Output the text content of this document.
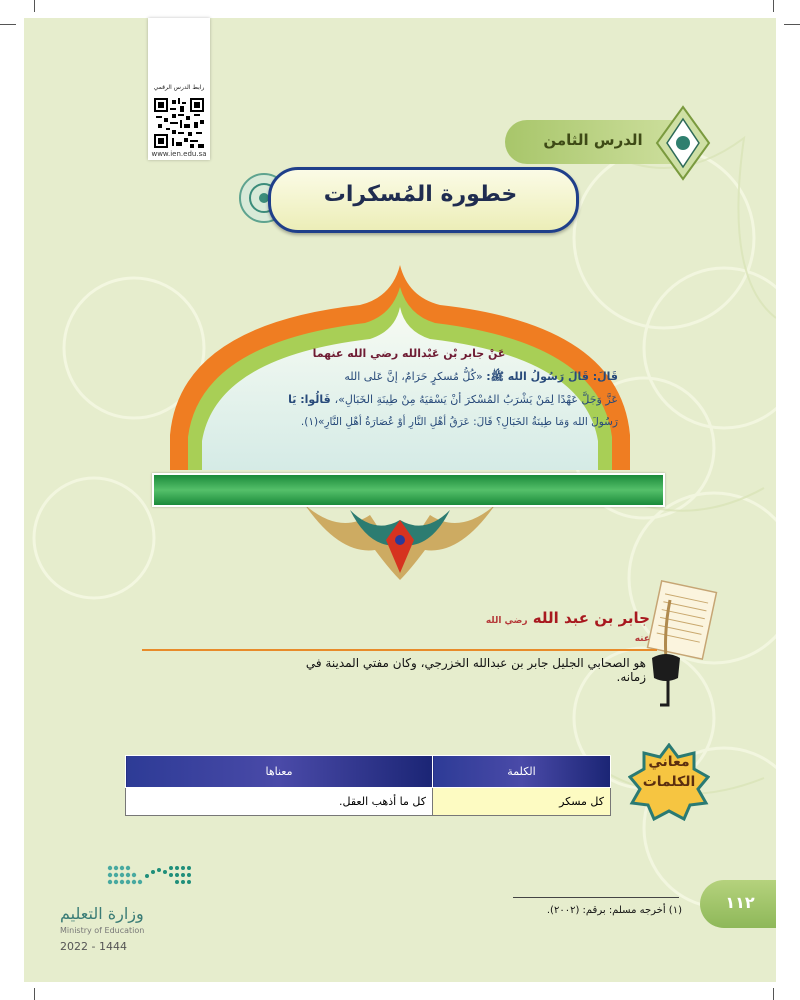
رابط الدرس الرقمي
www.ien.edu.sa
الدرس الثامن
خطورة المُسكرات
عَنْ جابر بْن عَبْدالله رضي الله عنهما
قَالَ: قَالَ رَسُولُ الله ﷺ: «كُلُّ مُسكرٍ حَرَامٌ، إنَّ عَلى الله
عَزَّ وَجَلَّ عَهْدًا لِمَنْ يَشْرَبُ المُسْكرَ أنْ يَسْقيَهُ مِنْ طِينَةِ الخَبَالِ»، قَالُوا: يَا
رَسُولَ الله وَمَا طِينَةُ الخَبَالِ؟ قَالَ: عَرَقُ أهْلِ النَّارِ أوْ عُصَارَةُ أهْلِ النَّارِ»(١).
جابر بن عبد الله رضي الله عنه
هو الصحابي الجليل جابر بن عبدالله الخزرجي، وكان مفتي المدينة في زمانه.
معاني
الكلمات
الكلمة	معناها
كل مسكر	كل ما أذهب العقل.
(١) أخرجه مسلم: برقم: (٢٠٠٢).	١١٢
وزارة التعليم
Ministry of Education
2022 - 1444
